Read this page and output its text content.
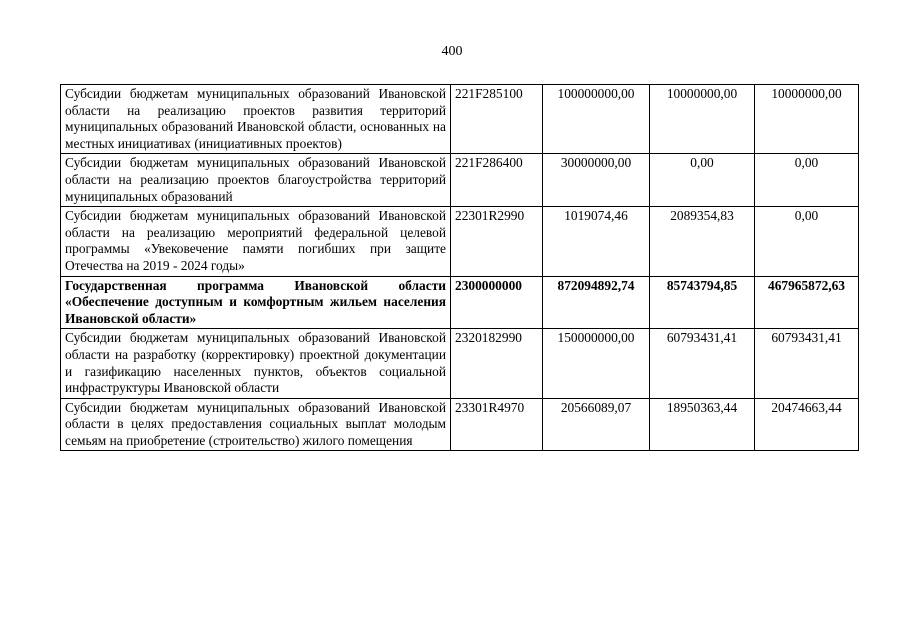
400
Субсидии бюджетам муниципальных образований Ивановской области на реализацию проектов развития территорий муниципальных образований Ивановской области, основанных на местных инициативах (инициативных проектов)	221F285100	100000000,00	10000000,00	10000000,00
Субсидии бюджетам муниципальных образований Ивановской области на реализацию проектов благоустройства территорий муниципальных образований	221F286400	30000000,00	0,00	0,00
Субсидии бюджетам муниципальных образований Ивановской области на реализацию мероприятий федеральной целевой программы «Увековечение памяти погибших при защите Отечества на 2019 - 2024 годы»	22301R2990	1019074,46	2089354,83	0,00
Государственная программа Ивановской области «Обеспечение доступным и комфортным жильем населения Ивановской области»	2300000000	872094892,74	85743794,85	467965872,63
Субсидии бюджетам муниципальных образований Ивановской области на разработку (корректировку) проектной документации и газификацию населенных пунктов, объектов социальной инфраструктуры Ивановской области	2320182990	150000000,00	60793431,41	60793431,41
Субсидии бюджетам муниципальных образований Ивановской области в целях предоставления социальных выплат молодым семьям на приобретение (строительство) жилого помещения	23301R4970	20566089,07	18950363,44	20474663,44
